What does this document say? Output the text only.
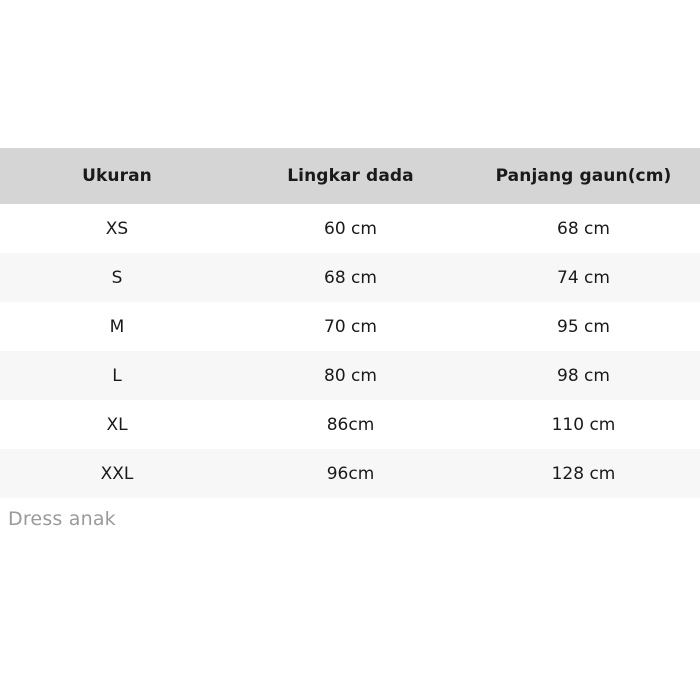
Ukuran	Lingkar dada	Panjang gaun(cm)
XS	60 cm	68 cm
S	68 cm	74 cm
M	70 cm	95 cm
L	80 cm	98 cm
XL	86cm	110 cm
XXL	96cm	128 cm
Dress anak
